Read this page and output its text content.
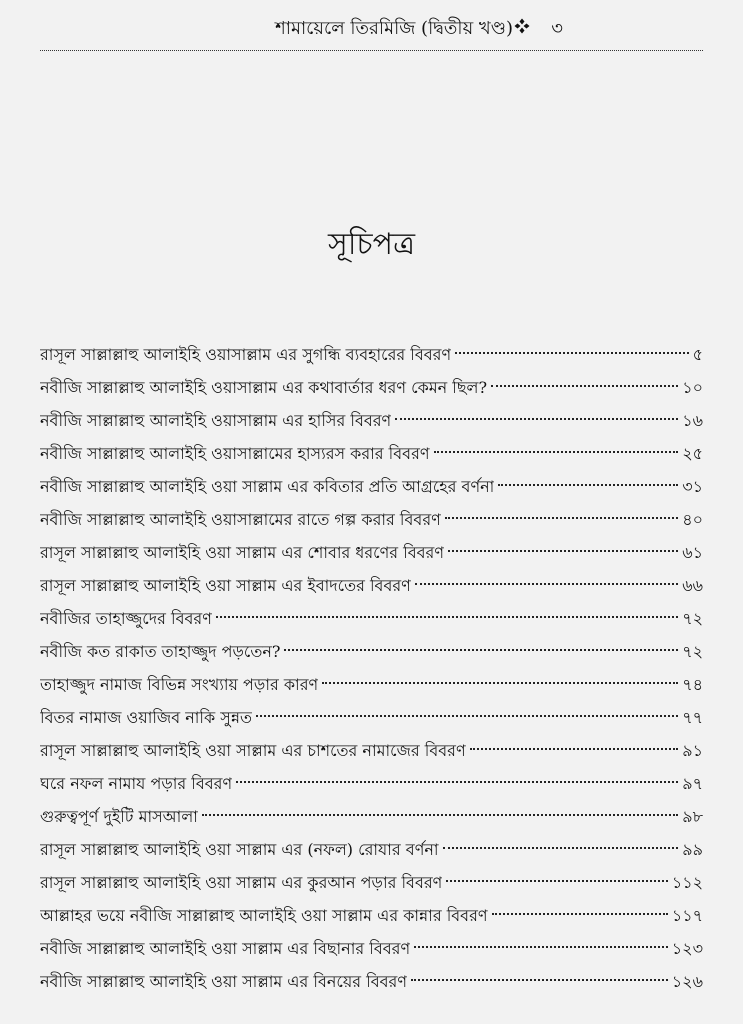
শামায়েলে তিরমিজি (দ্বিতীয় খণ্ড) ৩
সূচিপত্র
রাসূল সাল্লাল্লাহু আলাইহি ওয়াসাল্লাম এর সুগন্ধি ব্যবহারের বিবরণ	৫
নবীজি সাল্লাল্লাহু আলাইহি ওয়াসাল্লাম এর কথাবার্তার ধরণ কেমন ছিল?	১০
নবীজি সাল্লাল্লাহু আলাইহি ওয়াসাল্লাম এর হাসির বিবরণ	১৬
নবীজি সাল্লাল্লাহু আলাইহি ওয়াসাল্লামের হাস্যরস করার বিবরণ	২৫
নবীজি সাল্লাল্লাহু আলাইহি ওয়া সাল্লাম এর কবিতার প্রতি আগ্রহের বর্ণনা	৩১
নবীজি সাল্লাল্লাহু আলাইহি ওয়াসাল্লামের রাতে গল্প করার বিবরণ	৪০
রাসূল সাল্লাল্লাহু আলাইহি ওয়া সাল্লাম এর শোবার ধরণের বিবরণ	৬১
রাসূল সাল্লাল্লাহু আলাইহি ওয়া সাল্লাম এর ইবাদতের বিবরণ	৬৬
নবীজির তাহাজ্জুদের বিবরণ	৭২
নবীজি কত রাকাত তাহাজ্জুদ পড়তেন?	৭২
তাহাজ্জুদ নামাজ বিভিন্ন সংখ্যায় পড়ার কারণ	৭৪
বিতর নামাজ ওয়াজিব নাকি সুন্নত	৭৭
রাসূল সাল্লাল্লাহু আলাইহি ওয়া সাল্লাম এর চাশতের নামাজের বিবরণ	৯১
ঘরে নফল নামায পড়ার বিবরণ	৯৭
গুরুত্বপূর্ণ দুইটি মাসআলা	৯৮
রাসূল সাল্লাল্লাহু আলাইহি ওয়া সাল্লাম এর (নফল) রোযার বর্ণনা	৯৯
রাসূল সাল্লাল্লাহু আলাইহি ওয়া সাল্লাম এর কুরআন পড়ার বিবরণ	১১২
আল্লাহর ভয়ে নবীজি সাল্লাল্লাহু আলাইহি ওয়া সাল্লাম এর কান্নার বিবরণ	১১৭
নবীজি সাল্লাল্লাহু আলাইহি ওয়া সাল্লাম এর বিছানার বিবরণ	১২৩
নবীজি সাল্লাল্লাহু আলাইহি ওয়া সাল্লাম এর বিনয়ের বিবরণ	১২৬
